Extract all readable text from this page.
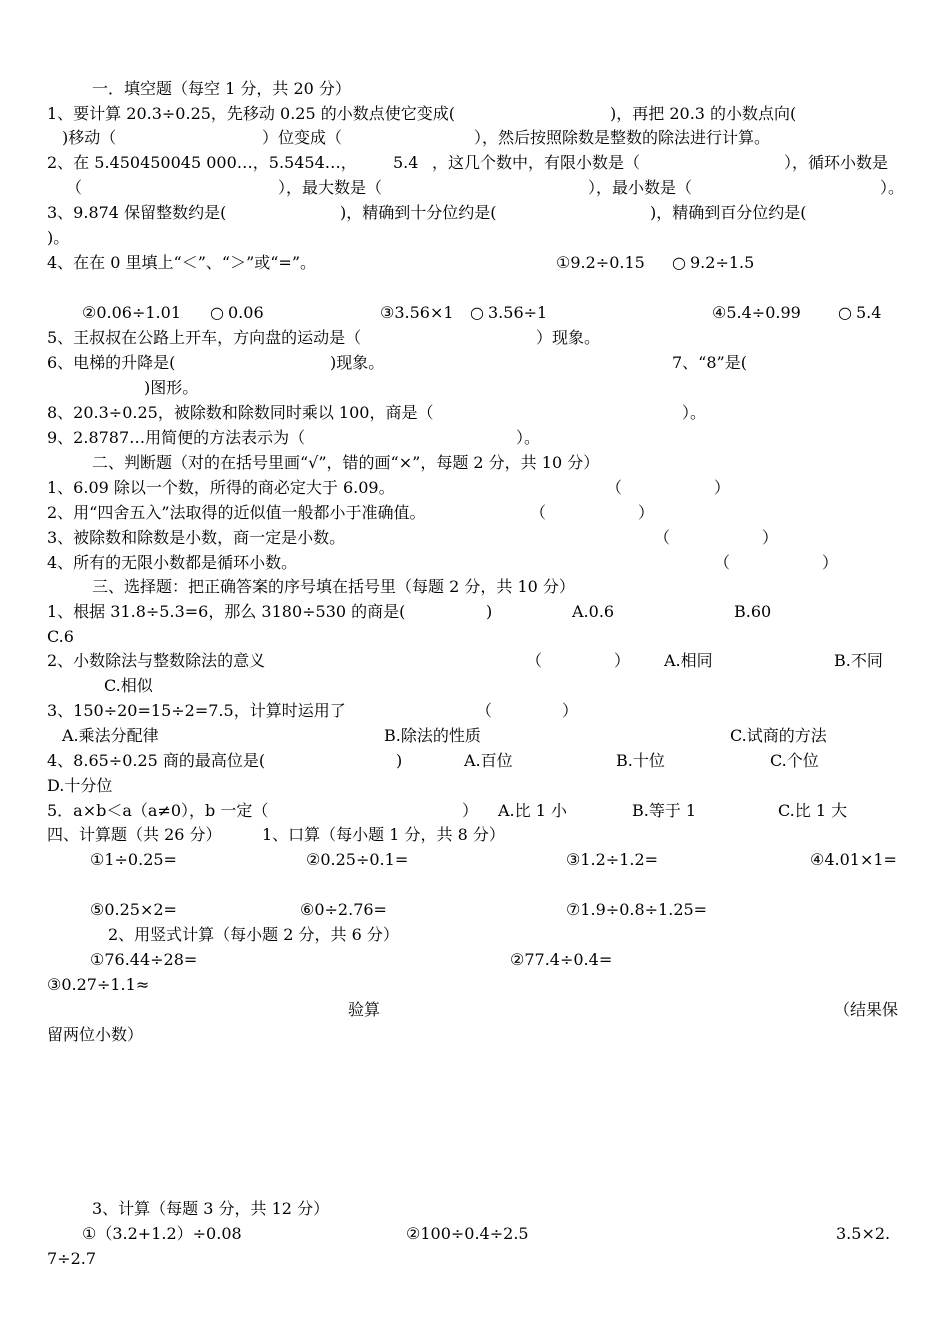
一．填空题（每空 1 分，共 20 分）
1、要计算 20.3÷0.25，先移动 0.25 的小数点使它变成(	)，再把 20.3 的小数点向(
)移动（	）位变成（	），然后按照除数是整数的除法进行计算。
2、在 5.450450045 000…，5.5454…， 5.4 ，这几个数中，有限小数是（	），循环小数是
（	），最大数是（	），最小数是（	）。
3、9.874 保留整数约是(	)，精确到十分位约是(	)，精确到百分位约是(
)。
4、在在 0 里填上“＜”、“＞”或“=”。	①9.2÷0.15 ○ 9.2÷1.5
②0.06÷1.01 ○ 0.06	③3.56×1 ○ 3.56÷1	④5.4÷0.99 ○ 5.4
5、王叔叔在公路上开车，方向盘的运动是（	）现象。
6、电梯的升降是(	)现象。	7、“8”是(
)图形。
8、20.3÷0.25，被除数和除数同时乘以 100，商是（	）。
9、2.8787…用简便的方法表示为（	）。
二、判断题（对的在括号里画“√”，错的画“×”，每题 2 分，共 10 分）
1、6.09 除以一个数，所得的商必定大于 6.09。	（	）
2、用“四舍五入”法取得的近似值一般都小于准确值。	（	）
3、被除数和除数是小数，商一定是小数。	（	）
4、所有的无限小数都是循环小数。	（	）
三、选择题：把正确答案的序号填在括号里（每题 2 分，共 10 分）
1、根据 31.8÷5.3=6，那么 3180÷530 的商是(	)	A.0.6	B.60
C.6
2、小数除法与整数除法的意义	（	） A.相同	B.不同
C.相似
3、150÷20=15÷2=7.5，计算时运用了	（	）
A.乘法分配律	B.除法的性质	C.试商的方法
4、8.65÷0.25 商的最高位是(	)	A.百位	B.十位	C.个位
D.十分位
5．a×b＜a（a≠0），b 一定（	） A.比 1 小	B.等于 1	C.比 1 大
四、计算题（共 26 分）	1、口算（每小题 1 分，共 8 分）
①1÷0.25=	②0.25÷0.1=	③1.2÷1.2=	④4.01×1=
⑤0.25×2=	⑥0÷2.76=	⑦1.9÷0.8÷1.25=
2、用竖式计算（每小题 2 分，共 6 分）
①76.44÷28=	②77.4÷0.4=
③0.27÷1.1≈
验算	（结果保
留两位小数）
3、计算（每题 3 分，共 12 分）
①（3.2+1.2）÷0.08	②100÷0.4÷2.5	3.5×2.
7÷2.7
